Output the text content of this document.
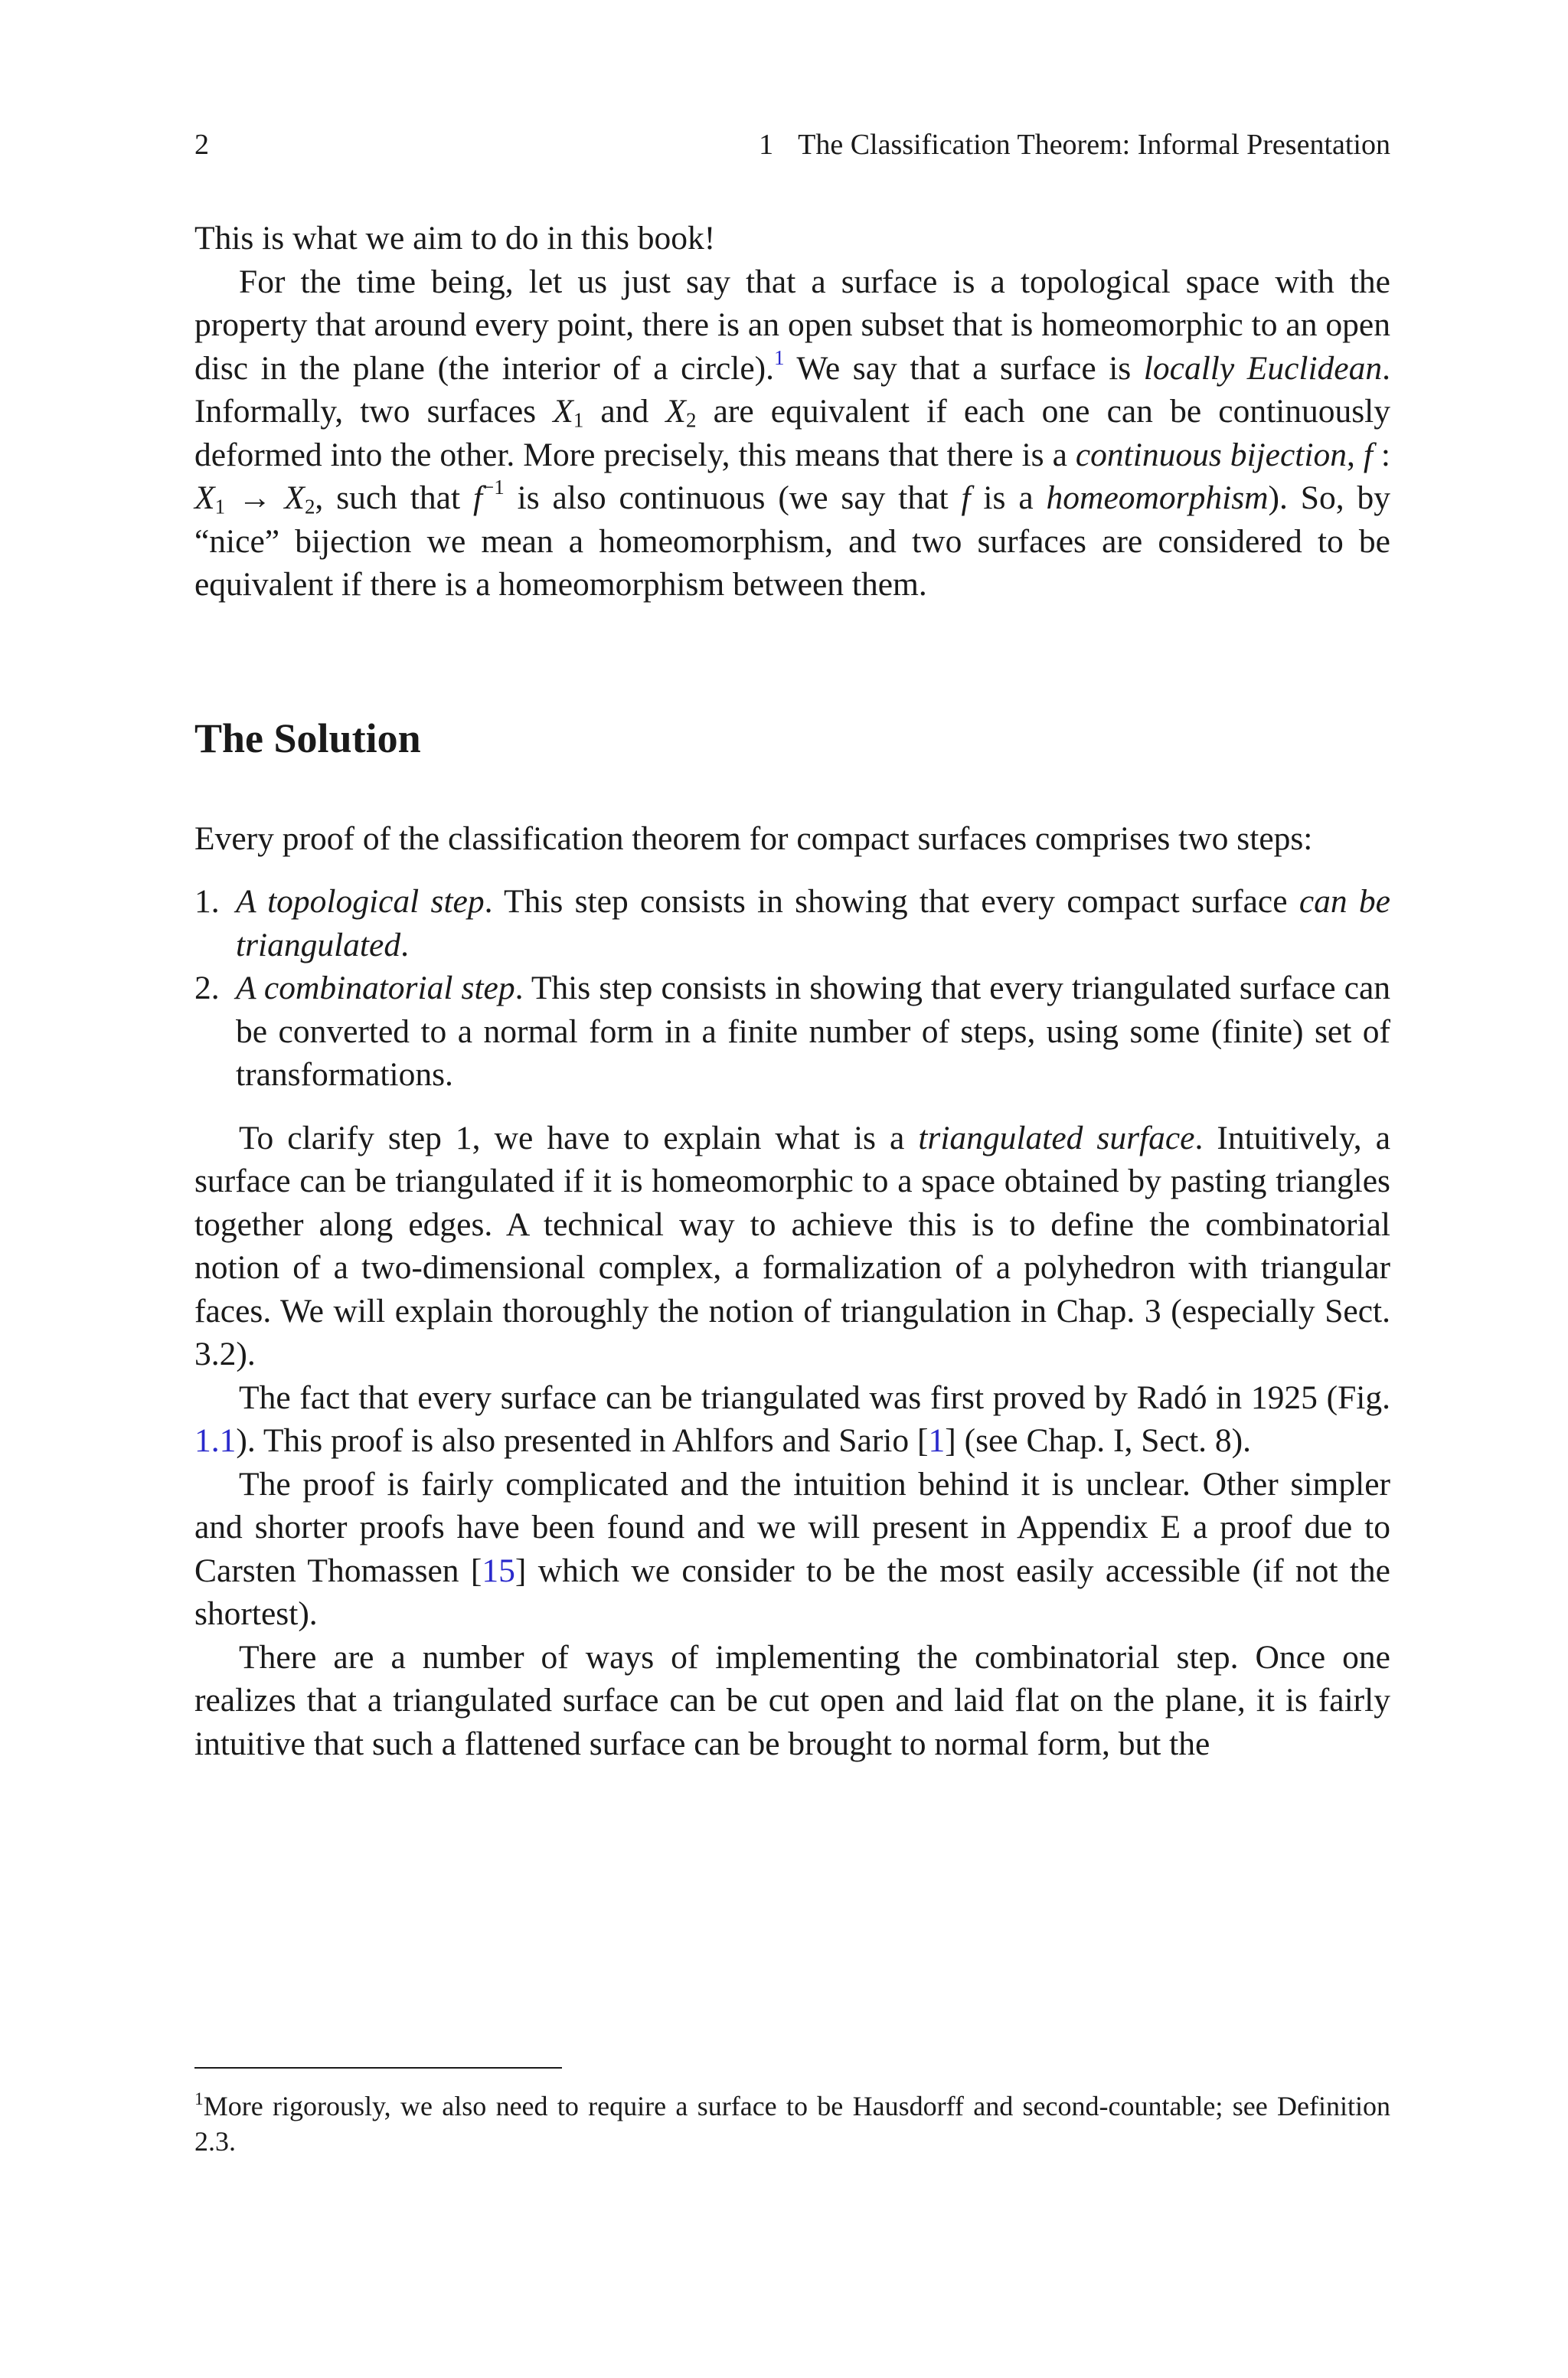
2	1 The Classification Theorem: Informal Presentation

This is what we aim to do in this book!

For the time being, let us just say that a surface is a topological space with the property that around every point, there is an open subset that is homeomorphic to an open disc in the plane (the interior of a circle).$^1$ We say that a surface is locally Euclidean. Informally, two surfaces $X_1$ and $X_2$ are equivalent if each one can be continuously deformed into the other. More precisely, this means that there is a continuous bijection, f : $X_1 \to X_2$, such that $f^{-1}$ is also continuous (we say that f is a homeomorphism). So, by “nice” bijection we mean a homeomorphism, and two surfaces are considered to be equivalent if there is a homeomorphism between them.

The Solution

Every proof of the classification theorem for compact surfaces comprises two steps:

1. A topological step. This step consists in showing that every compact surface can be triangulated.
2. A combinatorial step. This step consists in showing that every triangulated surface can be converted to a normal form in a finite number of steps, using some (finite) set of transformations.

To clarify step 1, we have to explain what is a triangulated surface. Intuitively, a surface can be triangulated if it is homeomorphic to a space obtained by pasting triangles together along edges. A technical way to achieve this is to define the combinatorial notion of a two-dimensional complex, a formalization of a polyhedron with triangular faces. We will explain thoroughly the notion of triangulation in Chap. 3 (especially Sect. 3.2).

The fact that every surface can be triangulated was first proved by Radó in 1925 (Fig. 1.1). This proof is also presented in Ahlfors and Sario [1] (see Chap. I, Sect. 8).

The proof is fairly complicated and the intuition behind it is unclear. Other simpler and shorter proofs have been found and we will present in Appendix E a proof due to Carsten Thomassen [15] which we consider to be the most easily accessible (if not the shortest).

There are a number of ways of implementing the combinatorial step. Once one realizes that a triangulated surface can be cut open and laid flat on the plane, it is fairly intuitive that such a flattened surface can be brought to normal form, but the

$^1$More rigorously, we also need to require a surface to be Hausdorff and second-countable; see Definition 2.3.
